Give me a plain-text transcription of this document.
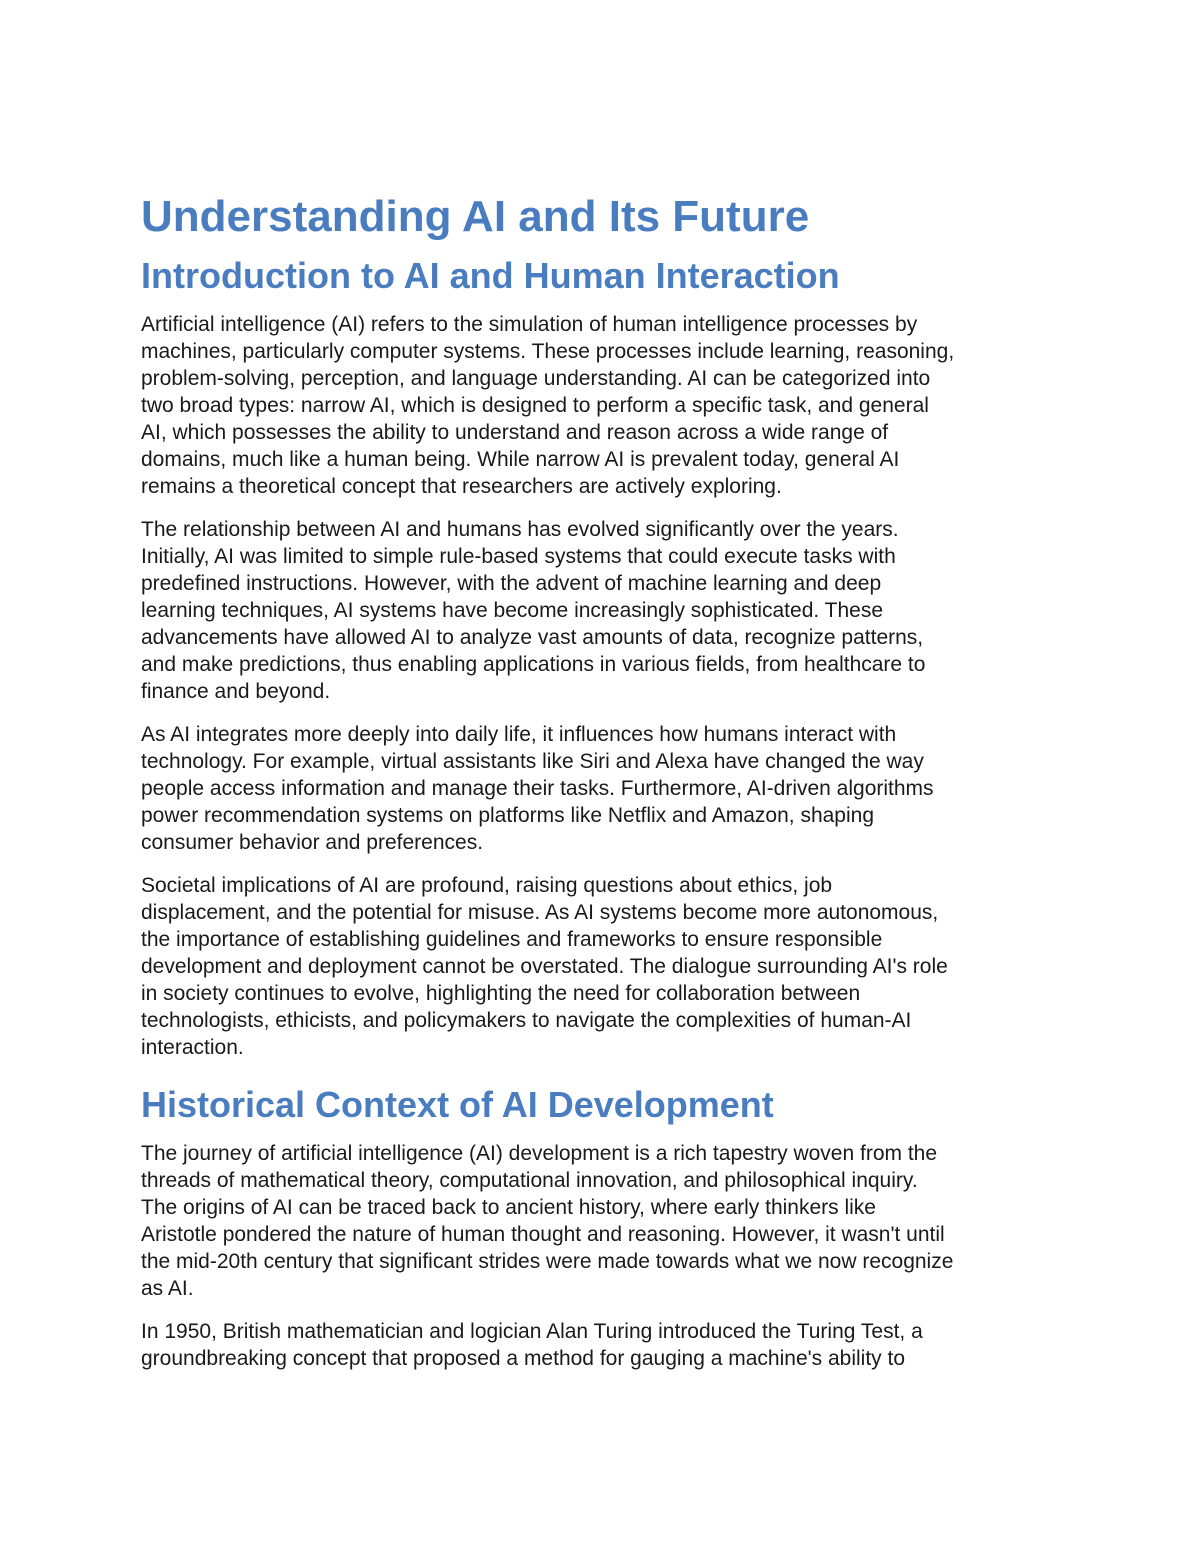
Understanding AI and Its Future
Introduction to AI and Human Interaction

Artificial intelligence (AI) refers to the simulation of human intelligence processes by
machines, particularly computer systems. These processes include learning, reasoning,
problem-solving, perception, and language understanding. AI can be categorized into
two broad types: narrow AI, which is designed to perform a specific task, and general
AI, which possesses the ability to understand and reason across a wide range of
domains, much like a human being. While narrow AI is prevalent today, general AI
remains a theoretical concept that researchers are actively exploring.

The relationship between AI and humans has evolved significantly over the years.
Initially, AI was limited to simple rule-based systems that could execute tasks with
predefined instructions. However, with the advent of machine learning and deep
learning techniques, AI systems have become increasingly sophisticated. These
advancements have allowed AI to analyze vast amounts of data, recognize patterns,
and make predictions, thus enabling applications in various fields, from healthcare to
finance and beyond.

As AI integrates more deeply into daily life, it influences how humans interact with
technology. For example, virtual assistants like Siri and Alexa have changed the way
people access information and manage their tasks. Furthermore, AI-driven algorithms
power recommendation systems on platforms like Netflix and Amazon, shaping
consumer behavior and preferences.

Societal implications of AI are profound, raising questions about ethics, job
displacement, and the potential for misuse. As AI systems become more autonomous,
the importance of establishing guidelines and frameworks to ensure responsible
development and deployment cannot be overstated. The dialogue surrounding AI's role
in society continues to evolve, highlighting the need for collaboration between
technologists, ethicists, and policymakers to navigate the complexities of human-AI
interaction.

Historical Context of AI Development

The journey of artificial intelligence (AI) development is a rich tapestry woven from the
threads of mathematical theory, computational innovation, and philosophical inquiry.
The origins of AI can be traced back to ancient history, where early thinkers like
Aristotle pondered the nature of human thought and reasoning. However, it wasn't until
the mid-20th century that significant strides were made towards what we now recognize
as AI.

In 1950, British mathematician and logician Alan Turing introduced the Turing Test, a
groundbreaking concept that proposed a method for gauging a machine's ability to
